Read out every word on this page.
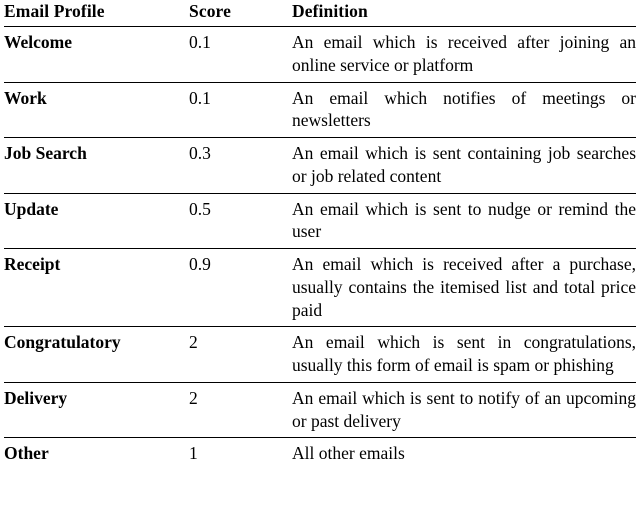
Email Profile	Score	Definition
Welcome	0.1	An email which is received after joining an online service or platform
Work	0.1	An email which notifies of meetings or newsletters
Job Search	0.3	An email which is sent containing job searches or job related content
Update	0.5	An email which is sent to nudge or remind the user
Receipt	0.9	An email which is received after a purchase, usually contains the itemised list and total price paid
Congratulatory	2	An email which is sent in congratulations, usually this form of email is spam or phishing
Delivery	2	An email which is sent to notify of an upcoming or past delivery
Other	1	All other emails
